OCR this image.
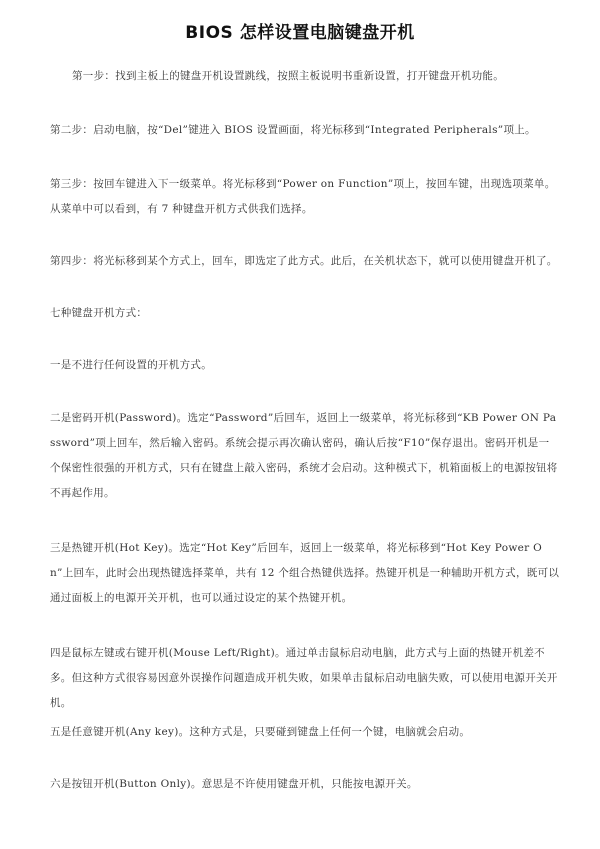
BIOS 怎样设置电脑键盘开机

第一步：找到主板上的键盘开机设置跳线，按照主板说明书重新设置，打开键盘开机功能。

第二步：启动电脑，按“Del”键进入 BIOS 设置画面，将光标移到“Integrated Peripherals”项上。

第三步：按回车键进入下一级菜单。将光标移到“Power on Function”项上，按回车键，出现选项菜单。从菜单中可以看到，有 7 种键盘开机方式供我们选择。

第四步：将光标移到某个方式上，回车，即选定了此方式。此后，在关机状态下，就可以使用键盘开机了。

七种键盘开机方式：

一是不进行任何设置的开机方式。

二是密码开机(Password)。选定“Password”后回车，返回上一级菜单，将光标移到“KB Power ON Password”项上回车，然后输入密码。系统会提示再次确认密码，确认后按“F10”保存退出。密码开机是一个保密性很强的开机方式，只有在键盘上敲入密码，系统才会启动。这种模式下，机箱面板上的电源按钮将不再起作用。

三是热键开机(Hot Key)。选定“Hot Key”后回车，返回上一级菜单，将光标移到“Hot Key Power On”上回车，此时会出现热键选择菜单，共有 12 个组合热键供选择。热键开机是一种辅助开机方式，既可以通过面板上的电源开关开机，也可以通过设定的某个热键开机。

四是鼠标左键或右键开机(Mouse Left/Right)。通过单击鼠标启动电脑，此方式与上面的热键开机差不多。但这种方式很容易因意外误操作问题造成开机失败，如果单击鼠标启动电脑失败，可以使用电源开关开机。

五是任意键开机(Any key)。这种方式是，只要碰到键盘上任何一个键，电脑就会启动。

六是按钮开机(Button Only)。意思是不许使用键盘开机，只能按电源开关。
